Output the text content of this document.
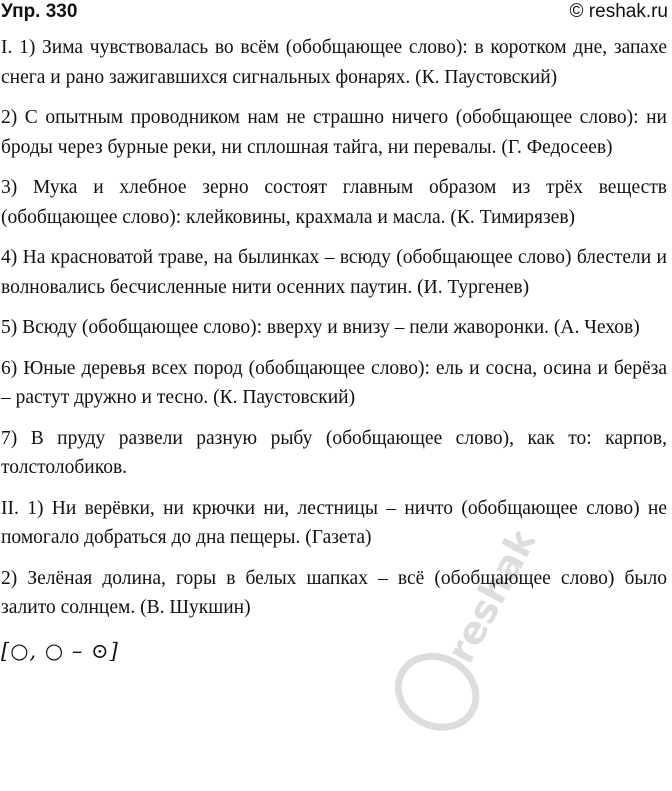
Упр. 330	© reshak.ru

I. 1) Зима чувствовалась во всём (обобщающее слово): в коротком дне, запахе снега и рано зажигавшихся сигнальных фонарях. (К. Паустовский)

2) С опытным проводником нам не страшно ничего (обобщающее слово): ни броды через бурные реки, ни сплошная тайга, ни перевалы. (Г. Федосеев)

3) Мука и хлебное зерно состоят главным образом из трёх веществ (обобщающее слово): клейковины, крахмала и масла. (К. Тимирязев)

4) На красноватой траве, на былинках – всюду (обобщающее слово) блестели и волновались бесчисленные нити осенних паутин. (И. Тургенев)

5) Всюду (обобщающее слово): вверху и внизу – пели жаворонки. (А. Чехов)

6) Юные деревья всех пород (обобщающее слово): ель и сосна, осина и берёза – растут дружно и тесно. (К. Паустовский)

7) В пруду развели разную рыбу (обобщающее слово), как то: карпов, толстолобиков.

II. 1) Ни верёвки, ни крючки ни, лестницы – ничто (обобщающее слово) не помогало добраться до дна пещеры. (Газета)

2) Зелёная долина, горы в белых шапках – всё (обобщающее слово) было залито солнцем. (В. Шукшин)

[○, ○ – ⊙]	reshak
